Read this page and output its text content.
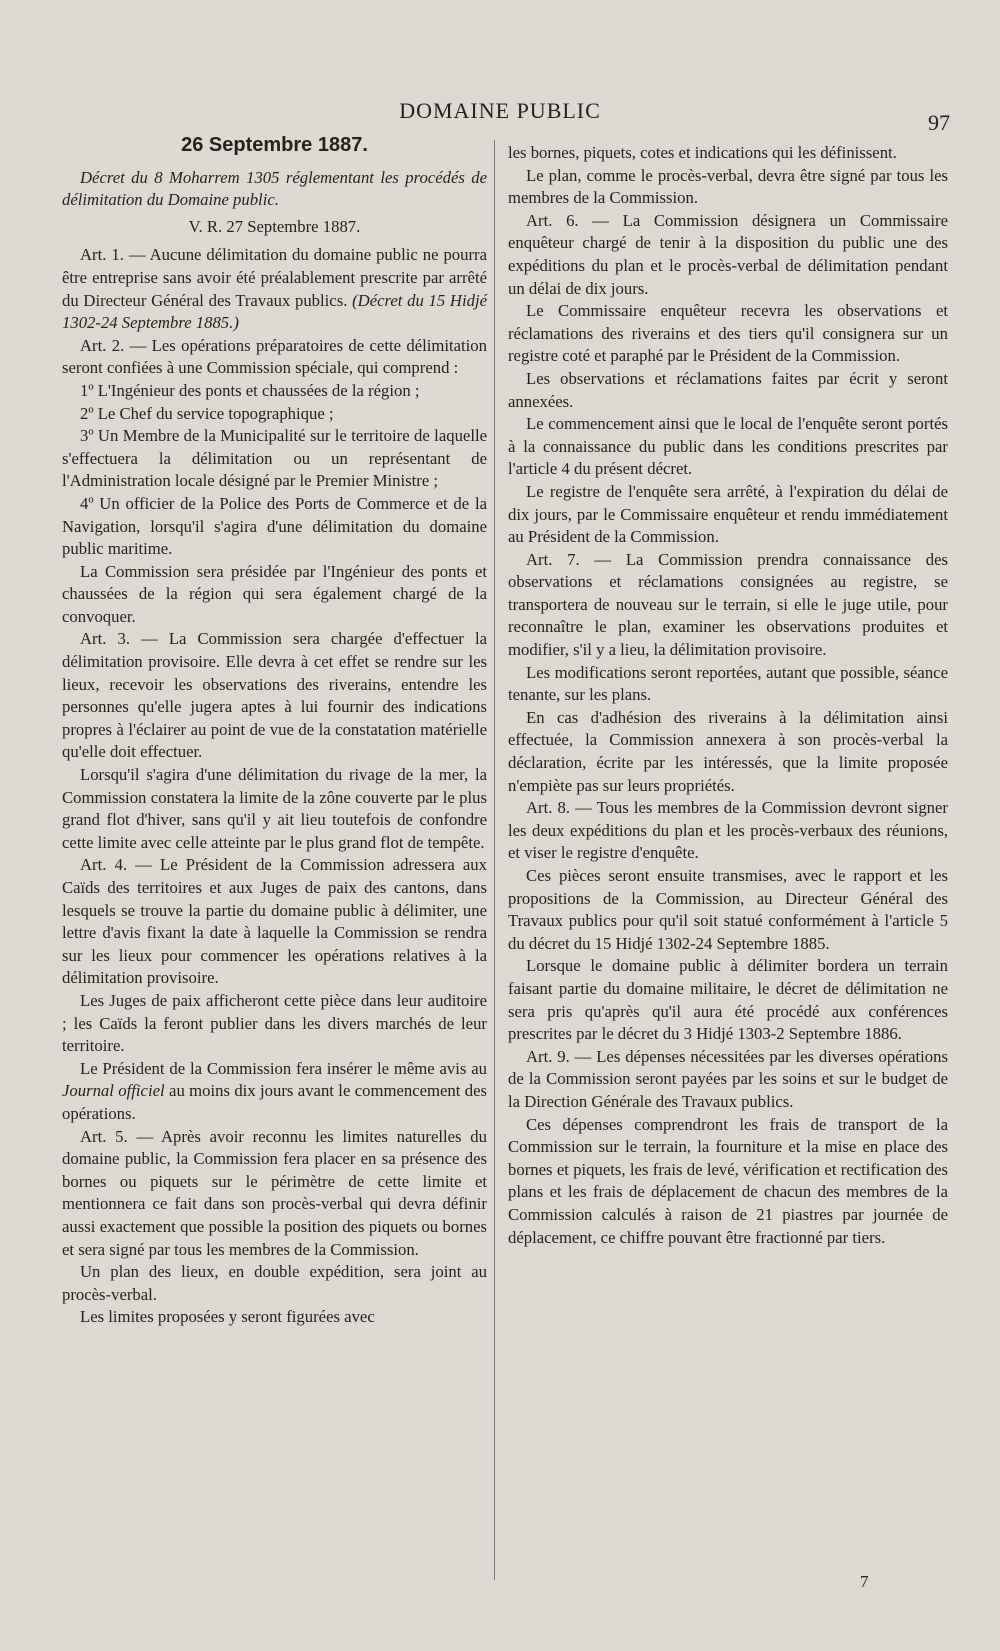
DOMAINE PUBLIC	97

26 Septembre 1887.

Décret du 8 Moharrem 1305 réglementant les procédés de délimitation du Domaine public.

V. R. 27 Septembre 1887.

Art. 1. — Aucune délimitation du domaine public ne pourra être entreprise sans avoir été préalablement prescrite par arrêté du Directeur Général des Travaux publics. (Décret du 15 Hidjé 1302-24 Septembre 1885.)

Art. 2. — Les opérations préparatoires de cette délimitation seront confiées à une Commission spéciale, qui comprend :

1º L'Ingénieur des ponts et chaussées de la région ;

2º Le Chef du service topographique ;

3º Un Membre de la Municipalité sur le territoire de laquelle s'effectuera la délimitation ou un représentant de l'Administration locale désigné par le Premier Ministre ;

4º Un officier de la Police des Ports de Commerce et de la Navigation, lorsqu'il s'agira d'une délimitation du domaine public maritime.

La Commission sera présidée par l'Ingénieur des ponts et chaussées de la région qui sera également chargé de la convoquer.

Art. 3. — La Commission sera chargée d'effectuer la délimitation provisoire. Elle devra à cet effet se rendre sur les lieux, recevoir les observations des riverains, entendre les personnes qu'elle jugera aptes à lui fournir des indications propres à l'éclairer au point de vue de la constatation matérielle qu'elle doit effectuer.

Lorsqu'il s'agira d'une délimitation du rivage de la mer, la Commission constatera la limite de la zône couverte par le plus grand flot d'hiver, sans qu'il y ait lieu toutefois de confondre cette limite avec celle atteinte par le plus grand flot de tempête.

Art. 4. — Le Président de la Commission adressera aux Caïds des territoires et aux Juges de paix des cantons, dans lesquels se trouve la partie du domaine public à délimiter, une lettre d'avis fixant la date à laquelle la Commission se rendra sur les lieux pour commencer les opérations relatives à la délimitation provisoire.

Les Juges de paix afficheront cette pièce dans leur auditoire ; les Caïds la feront publier dans les divers marchés de leur territoire.

Le Président de la Commission fera insérer le même avis au Journal officiel au moins dix jours avant le commencement des opérations.

Art. 5. — Après avoir reconnu les limites naturelles du domaine public, la Commission fera placer en sa présence des bornes ou piquets sur le périmètre de cette limite et mentionnera ce fait dans son procès-verbal qui devra définir aussi exactement que possible la position des piquets ou bornes et sera signé par tous les membres de la Commission.

Un plan des lieux, en double expédition, sera joint au procès-verbal.

Les limites proposées y seront figurées avec

les bornes, piquets, cotes et indications qui les définissent.

Le plan, comme le procès-verbal, devra être signé par tous les membres de la Commission.

Art. 6. — La Commission désignera un Commissaire enquêteur chargé de tenir à la disposition du public une des expéditions du plan et le procès-verbal de délimitation pendant un délai de dix jours.

Le Commissaire enquêteur recevra les observations et réclamations des riverains et des tiers qu'il consignera sur un registre coté et paraphé par le Président de la Commission.

Les observations et réclamations faites par écrit y seront annexées.

Le commencement ainsi que le local de l'enquête seront portés à la connaissance du public dans les conditions prescrites par l'article 4 du présent décret.

Le registre de l'enquête sera arrêté, à l'expiration du délai de dix jours, par le Commissaire enquêteur et rendu immédiatement au Président de la Commission.

Art. 7. — La Commission prendra connaissance des observations et réclamations consignées au registre, se transportera de nouveau sur le terrain, si elle le juge utile, pour reconnaître le plan, examiner les observations produites et modifier, s'il y a lieu, la délimitation provisoire.

Les modifications seront reportées, autant que possible, séance tenante, sur les plans.

En cas d'adhésion des riverains à la délimitation ainsi effectuée, la Commission annexera à son procès-verbal la déclaration, écrite par les intéressés, que la limite proposée n'empiète pas sur leurs propriétés.

Art. 8. — Tous les membres de la Commission devront signer les deux expéditions du plan et les procès-verbaux des réunions, et viser le registre d'enquête.

Ces pièces seront ensuite transmises, avec le rapport et les propositions de la Commission, au Directeur Général des Travaux publics pour qu'il soit statué conformément à l'article 5 du décret du 15 Hidjé 1302-24 Septembre 1885.

Lorsque le domaine public à délimiter bordera un terrain faisant partie du domaine militaire, le décret de délimitation ne sera pris qu'après qu'il aura été procédé aux conférences prescrites par le décret du 3 Hidjé 1303-2 Septembre 1886.

Art. 9. — Les dépenses nécessitées par les diverses opérations de la Commission seront payées par les soins et sur le budget de la Direction Générale des Travaux publics.

Ces dépenses comprendront les frais de transport de la Commission sur le terrain, la fourniture et la mise en place des bornes et piquets, les frais de levé, vérification et rectification des plans et les frais de déplacement de chacun des membres de la Commission calculés à raison de 21 piastres par journée de déplacement, ce chiffre pouvant être fractionné par tiers.

7
